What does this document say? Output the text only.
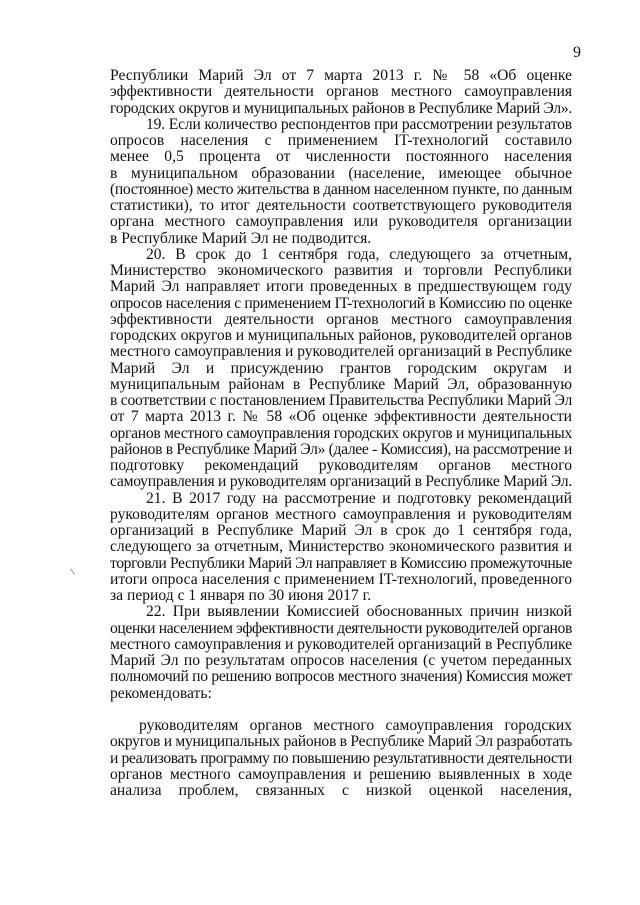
9
Республики Марий Эл от 7 марта 2013 г. № 58 «Об оценке
эффективности деятельности органов местного самоуправления
городских округов и муниципальных районов в Республике Марий Эл».
19. Если количество респондентов при рассмотрении результатов
опросов населения с применением IT-технологий составило
менее 0,5 процента от численности постоянного населения
в муниципальном образовании (население, имеющее обычное
(постоянное) место жительства в данном населенном пункте, по данным
статистики), то итог деятельности соответствующего руководителя
органа местного самоуправления или руководителя организации
в Республике Марий Эл не подводится.
20. В срок до 1 сентября года, следующего за отчетным,
Министерство экономического развития и торговли Республики
Марий Эл направляет итоги проведенных в предшествующем году
опросов населения с применением IT-технологий в Комиссию по оценке
эффективности деятельности органов местного самоуправления
городских округов и муниципальных районов, руководителей органов
местного самоуправления и руководителей организаций в Республике
Марий Эл и присуждению грантов городским округам и
муниципальным районам в Республике Марий Эл, образованную
в соответствии с постановлением Правительства Республики Марий Эл
от 7 марта 2013 г. № 58 «Об оценке эффективности деятельности
органов местного самоуправления городских округов и муниципальных
районов в Республике Марий Эл» (далее - Комиссия), на рассмотрение и
подготовку рекомендаций руководителям органов местного
самоуправления и руководителям организаций в Республике Марий Эл.
21. В 2017 году на рассмотрение и подготовку рекомендаций
руководителям органов местного самоуправления и руководителям
организаций в Республике Марий Эл в срок до 1 сентября года,
следующего за отчетным, Министерство экономического развития и
торговли Республики Марий Эл направляет в Комиссию промежуточные
итоги опроса населения с применением IT-технологий, проведенного
за период с 1 января по 30 июня 2017 г.
22. При выявлении Комиссией обоснованных причин низкой
оценки населением эффективности деятельности руководителей органов
местного самоуправления и руководителей организаций в Республике
Марий Эл по результатам опросов населения (с учетом переданных
полномочий по решению вопросов местного значения) Комиссия может
рекомендовать:
руководителям органов местного самоуправления городских
округов и муниципальных районов в Республике Марий Эл разработать
и реализовать программу по повышению результативности деятельности
органов местного самоуправления и решению выявленных в ходе
анализа проблем, связанных с низкой оценкой населения,
